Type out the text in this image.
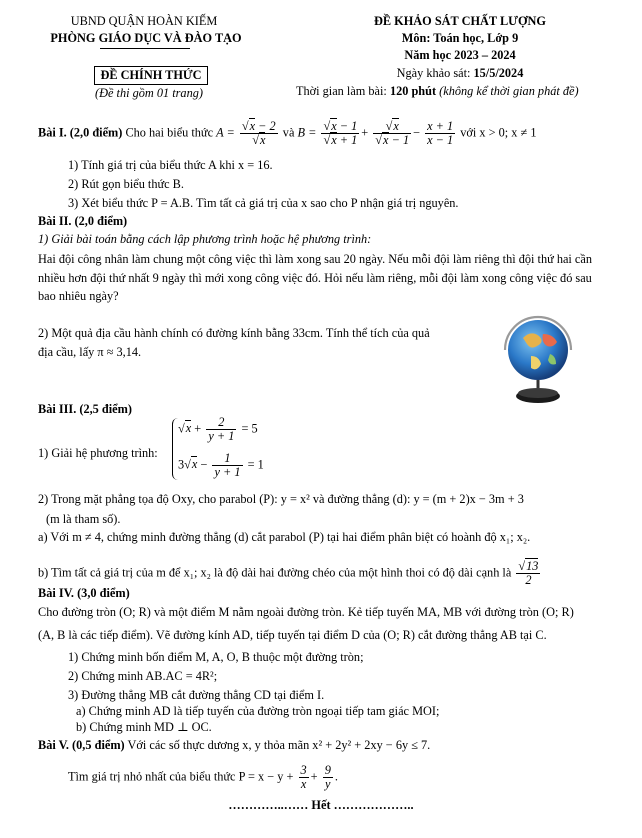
UBND QUẬN HOÀN KIẾM
PHÒNG GIÁO DỤC VÀ ĐÀO TẠO
ĐỀ CHÍNH THỨC
(Đề thi gồm 01 trang)
ĐỀ KHẢO SÁT CHẤT LƯỢNG
Môn: Toán học, Lớp 9
Năm học 2023 – 2024
Ngày khảo sát: 15/5/2024
Thời gian làm bài: 120 phút (không kể thời gian phát đề)
Bài I. (2,0 điểm) Cho hai biểu thức $A = \frac{√x - 2}{√x}$ và $B = \frac{√x - 1}{√x + 1} + \frac{√x}{√x - 1} - \frac{x + 1}{x - 1}$ với x > 0; x ≠ 1
1) Tính giá trị của biểu thức A khi x = 16.
2) Rút gọn biểu thức B.
3) Xét biểu thức P = A.B. Tìm tất cả giá trị của x sao cho P nhận giá trị nguyên.
Bài II. (2,0 điểm)
1) Giải bài toán bằng cách lập phương trình hoặc hệ phương trình:
Hai đội công nhân làm chung một công việc thì làm xong sau 20 ngày. Nếu mỗi đội làm riêng thì đội thứ hai cần nhiều hơn đội thứ nhất 9 ngày thì mới xong công việc đó. Hỏi nếu làm riêng, mỗi đội làm xong công việc đó sau bao nhiêu ngày?
2) Một quả địa cầu hành chính có đường kính bằng 33cm. Tính thể tích của quả
địa cầu, lấy π ≈ 3,14.
Bài III. (2,5 điểm)
1) Giải hệ phương trình:
$√x + \frac{2}{y + 1} = 5$
$3√x - \frac{1}{y + 1} = 1$
2) Trong mặt phẳng tọa độ Oxy, cho parabol (P): y = x² và đường thẳng (d): y = (m + 2)x − 3m + 3
(m là tham số).
a) Với m ≠ 4, chứng minh đường thẳng (d) cắt parabol (P) tại hai điểm phân biệt có hoành độ x₁; x₂.
b) Tìm tất cả giá trị của m để x₁; x₂ là độ dài hai đường chéo của một hình thoi có độ dài cạnh là $\frac{√13}{2}$
Bài IV. (3,0 điểm)
Cho đường tròn (O; R) và một điểm M nằm ngoài đường tròn. Kẻ tiếp tuyến MA, MB với đường tròn (O; R)
(A, B là các tiếp điểm). Vẽ đường kính AD, tiếp tuyến tại điểm D của (O; R) cắt đường thẳng AB tại C.
1) Chứng minh bốn điểm M, A, O, B thuộc một đường tròn;
2) Chứng minh AB.AC = 4R²;
3) Đường thẳng MB cắt đường thẳng CD tại điểm I.
a) Chứng minh AD là tiếp tuyến của đường tròn ngoại tiếp tam giác MOI;
b) Chứng minh MD ⊥ OC.
Bài V. (0,5 điểm) Với các số thực dương x, y thỏa mãn x² + 2y² + 2xy − 6y ≤ 7.
Tìm giá trị nhỏ nhất của biểu thức $P = x - y + \frac{3}{x} + \frac{9}{y}$ .
…………..…… Hết ………………..
